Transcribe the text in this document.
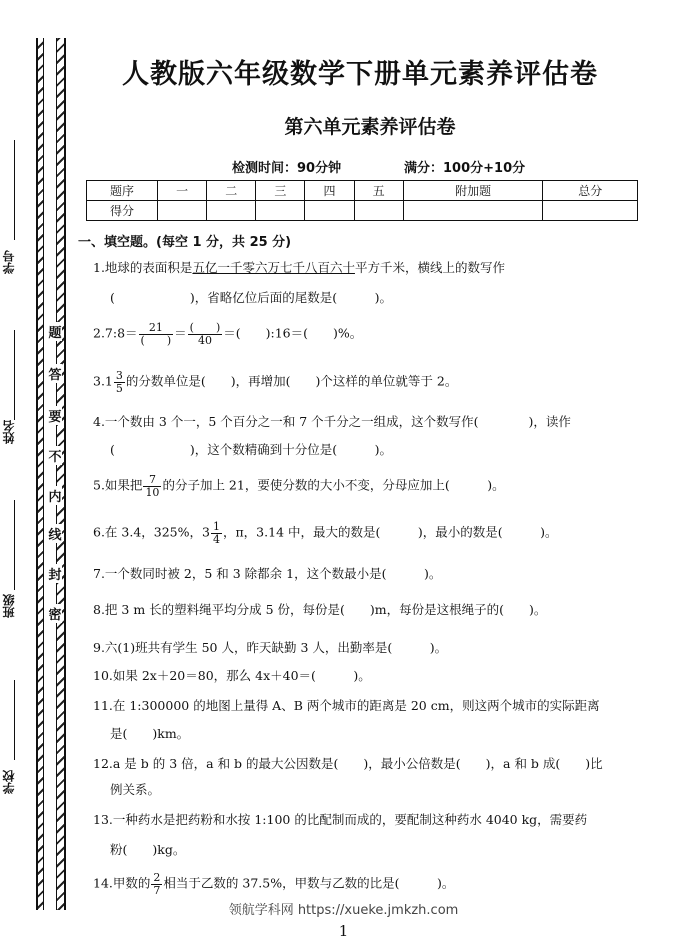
题
答
要
不
内
线
封
密
学号
姓名
班级
学校
人教版六年级数学下册单元素养评估卷
第六单元素养评估卷
检测时间：90分钟	满分：100分+10分
题序	一	二	三	四	五	附加题	总分
得分							
一、填空题。(每空 1 分，共 25 分)
1.地球的表面积是五亿一千零六万七千八百六十平方千米，横线上的数写作
(　　　　　　)，省略亿位后面的尾数是(　　　)。
2.7:8＝ $\frac{21}{( )} = \frac{( )}{40}$ ＝(　　):16＝(　　)%。
$3.1 \frac{3}{5}$ 的分数单位是(　　)，再增加(　　)个这样的单位就等于 2。
4.一个数由 3 个一，5 个百分之一和 7 个千分之一组成，这个数写作(　　　　)，读作
(　　　　　　)，这个数精确到十分位是(　　　)。
5.如果把 $\frac{7}{10}$ 的分子加上 21，要使分数的大小不变，分母应加上(　　　)。
6.在 3.4，325%，$3 \frac{1}{4}$ ，π，3.14 中，最大的数是(　　　)，最小的数是(　　　)。
7.一个数同时被 2，5 和 3 除都余 1，这个数最小是(　　　)。
8.把 3 m 长的塑料绳平均分成 5 份，每份是(　　)m，每份是这根绳子的(　　)。
9.六(1)班共有学生 50 人，昨天缺勤 3 人，出勤率是(　　　)。
10.如果 2x＋20＝80，那么 4x＋40＝(　　　)。
11.在 1:300000 的地图上量得 A、B 两个城市的距离是 20 cm，则这两个城市的实际距离
是(　　)km。
12.a 是 b 的 3 倍，a 和 b 的最大公因数是(　　)，最小公倍数是(　　)，a 和 b 成(　　)比
例关系。
13.一种药水是把药粉和水按 1:100 的比配制而成的，要配制这种药水 4040 kg，需要药
粉(　　)kg。
14.甲数的 $\frac{2}{7}$ 相当于乙数的 37.5%，甲数与乙数的比是(　　　)。
领航学科网 https://xueke.jmkzh.com
1
